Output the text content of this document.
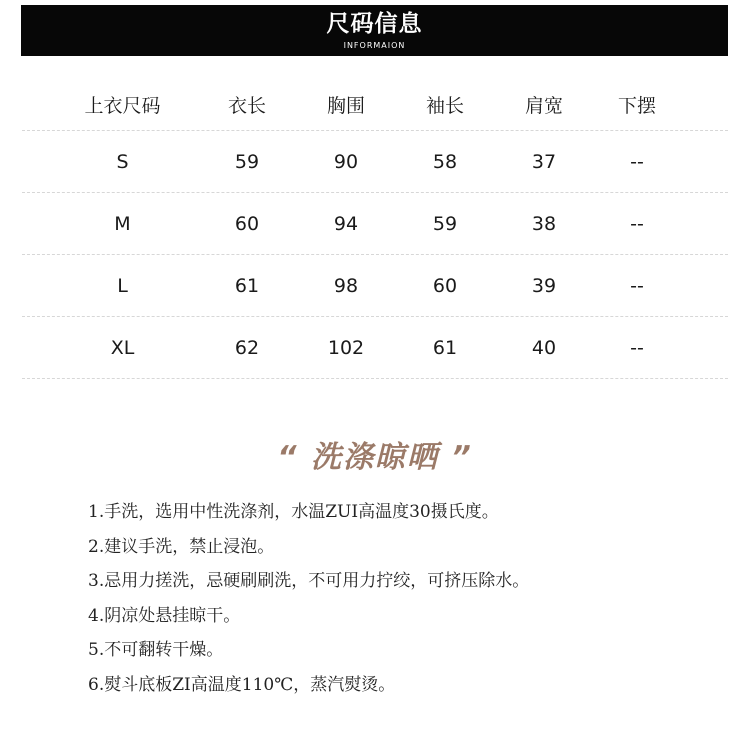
尺码信息
INFORMAION
上衣尺码	衣长	胸围	袖长	肩宽	下摆
S	59	90	58	37	--
M	60	94	59	38	--
L	61	98	60	39	--
XL	62	102	61	40	--
“ 洗涤晾晒 ”
1.手洗，选用中性洗涤剂，水温ZUI高温度30摄氏度。
2.建议手洗，禁止浸泡。
3.忌用力搓洗，忌硬刷刷洗，不可用力拧绞，可挤压除水。
4.阴凉处悬挂晾干。
5.不可翻转干燥。
6.熨斗底板ZI高温度110℃，蒸汽熨烫。
